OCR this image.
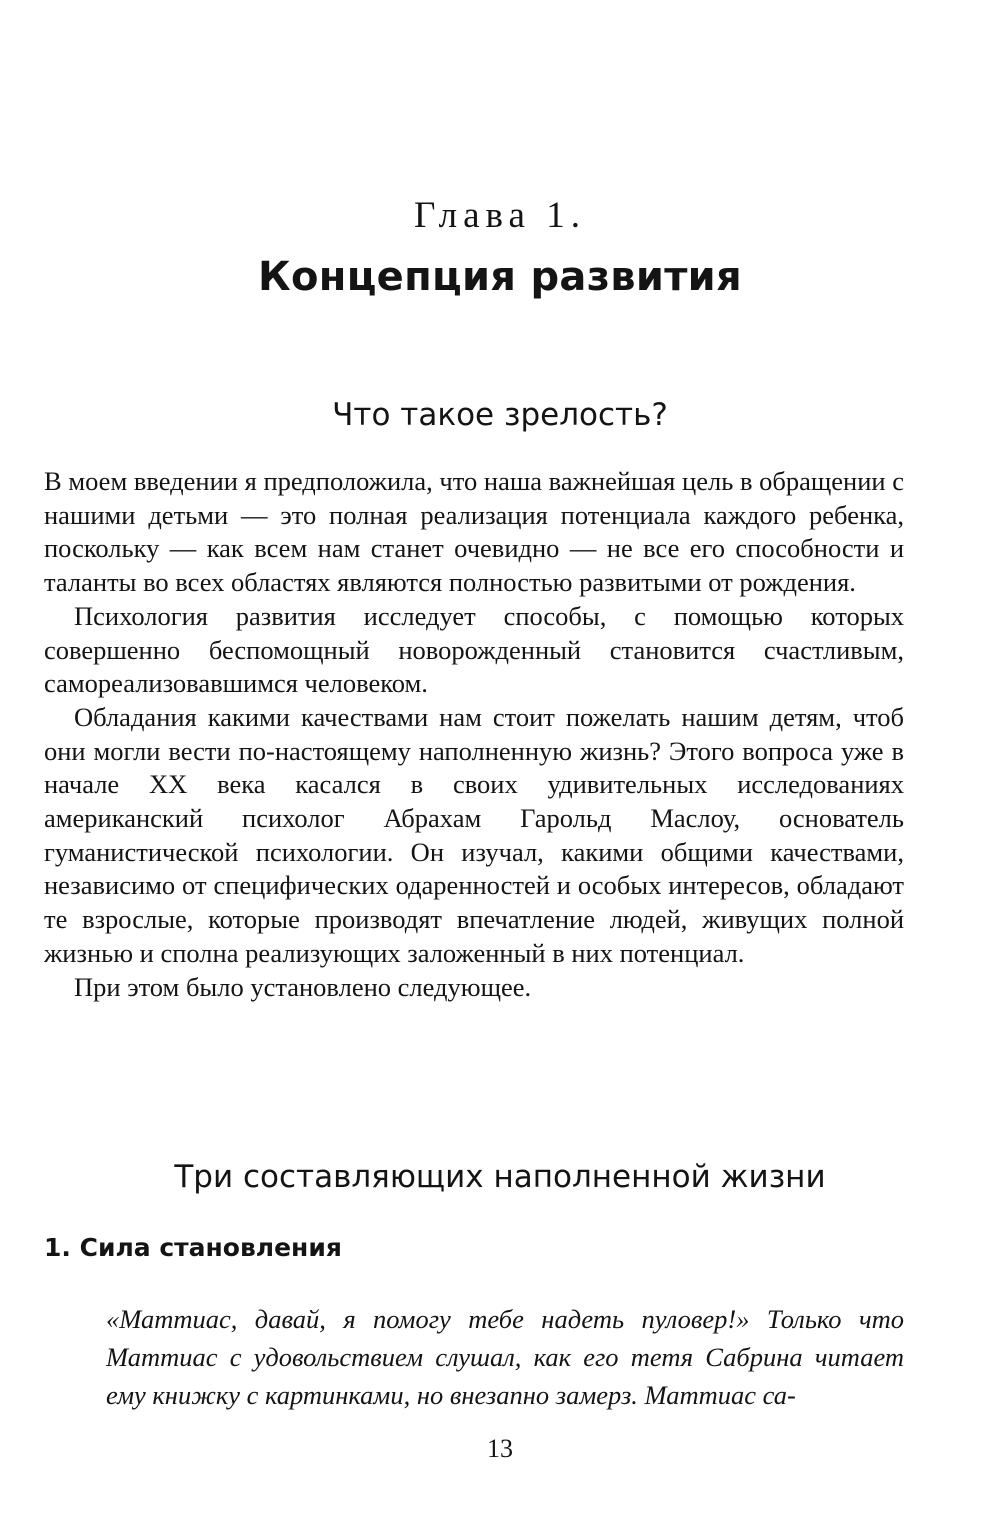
Глава 1.
Концепция развития
Что такое зрелость?

В моем введении я предположила, что наша важнейшая цель в обращении с нашими детьми — это полная реализация потенциала каждого ребенка, поскольку — как всем нам станет очевидно — не все его способности и таланты во всех областях являются полностью развитыми от рождения.

Психология развития исследует способы, с помощью которых совершенно беспомощный новорожденный становится счастливым, самореализовавшимся человеком.

Обладания какими качествами нам стоит пожелать нашим детям, чтоб они могли вести по-настоящему наполненную жизнь? Этого вопроса уже в начале XX века касался в своих удивительных исследованиях американский психолог Абрахам Гарольд Маслоу, основатель гуманистической психологии. Он изучал, какими общими качествами, независимо от специфических одаренностей и особых интересов, обладают те взрослые, которые производят впечатление людей, живущих полной жизнью и сполна реализующих заложенный в них потенциал.

При этом было установлено следующее.

Три составляющих наполненной жизни
1. Сила становления

«Маттиас, давай, я помогу тебе надеть пуловер!» Только что Маттиас с удовольствием слушал, как его тетя Сабрина читает ему книжку с картинками, но внезапно замерз. Маттиас са-

13
